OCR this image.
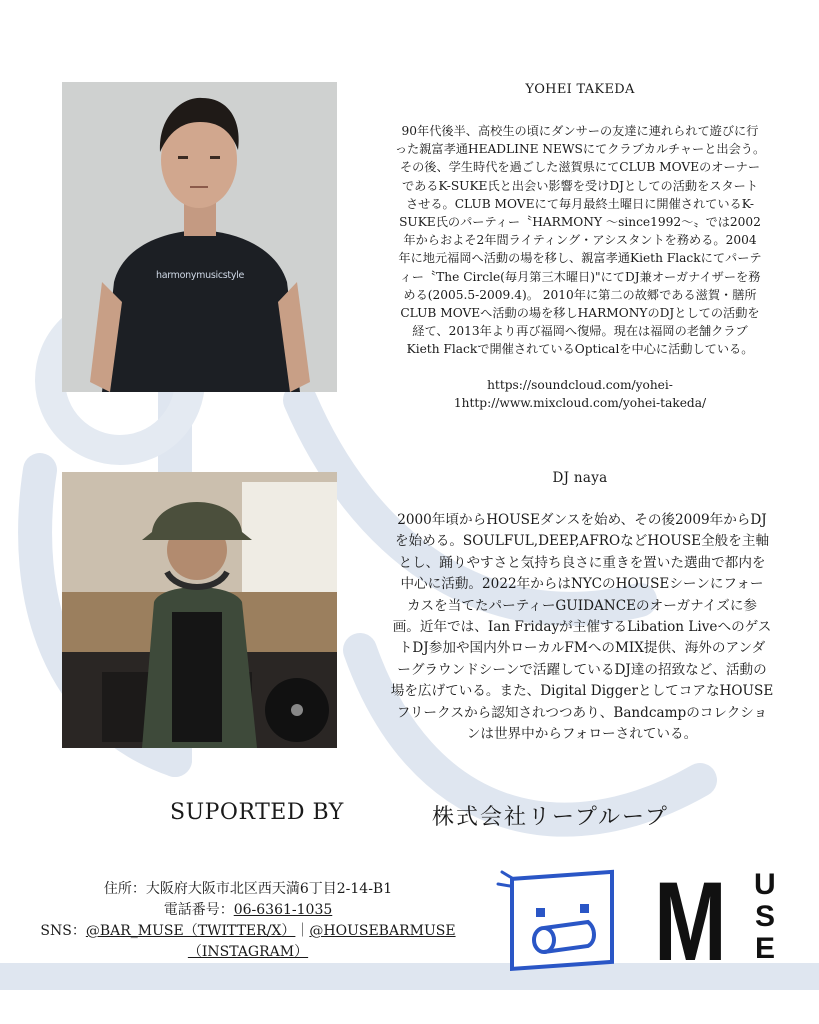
harmonymusicstyle
YOHEI TAKEDA

90年代後半、高校生の頃にダンサーの友達に連れられて遊びに行
った親富孝通HEADLINE NEWSにてクラブカルチャーと出会う。
その後、学生時代を過ごした滋賀県にてCLUB MOVEのオーナー
であるK-SUKE氏と出会い影響を受けDJとしての活動をスタート
させる。CLUB MOVEにて毎月最終土曜日に開催されているK-
SUKE氏のパーティー〝HARMONY 〜since1992〜〟では2002
年からおよそ2年間ライティング・アシスタントを務める。2004
年に地元福岡へ活動の場を移し、親富孝通Kieth Flackにてパーテ
ィー〝The Circle(毎月第三木曜日)"にてDJ兼オーガナイザーを務
める(2005.5-2009.4)。 2010年に第二の故郷である滋賀・膳所
CLUB MOVEへ活動の場を移しHARMONYのDJとしての活動を
経て、2013年より再び福岡へ復帰。現在は福岡の老舗クラブ
Kieth Flackで開催されているOpticalを中心に活動している。

https://soundcloud.com/yohei-
1http://www.mixcloud.com/yohei-takeda/
DJ naya

2000年頃からHOUSEダンスを始め、その後2009年からDJ
を始める。SOULFUL,DEEP,AFROなどHOUSE全般を主軸
とし、踊りやすさと気持ち良さに重きを置いた選曲で都内を
中心に活動。2022年からはNYCのHOUSEシーンにフォー
カスを当てたパーティーGUIDANCEのオーガナイズに参
画。近年では、Ian Fridayが主催するLibation Liveへのゲス
トDJ参加や国内外ローカルFMへのMIX提供、海外のアンダ
ーグラウンドシーンで活躍しているDJ達の招致など、活動の
場を広げている。また、Digital DiggerとしてコアなHOUSE
フリークスから認知されつつあり、Bandcampのコレクショ
ンは世界中からフォローされている。

SUPORTED BY	株式会社リープループ
住所：大阪府大阪市北区西天満6丁目2-14-B1
電話番号：06-6361-1035
SNS：@BAR_MUSE（TWITTER/X）｜@HOUSEBARMUSE
（INSTAGRAM）	M U
S
E
